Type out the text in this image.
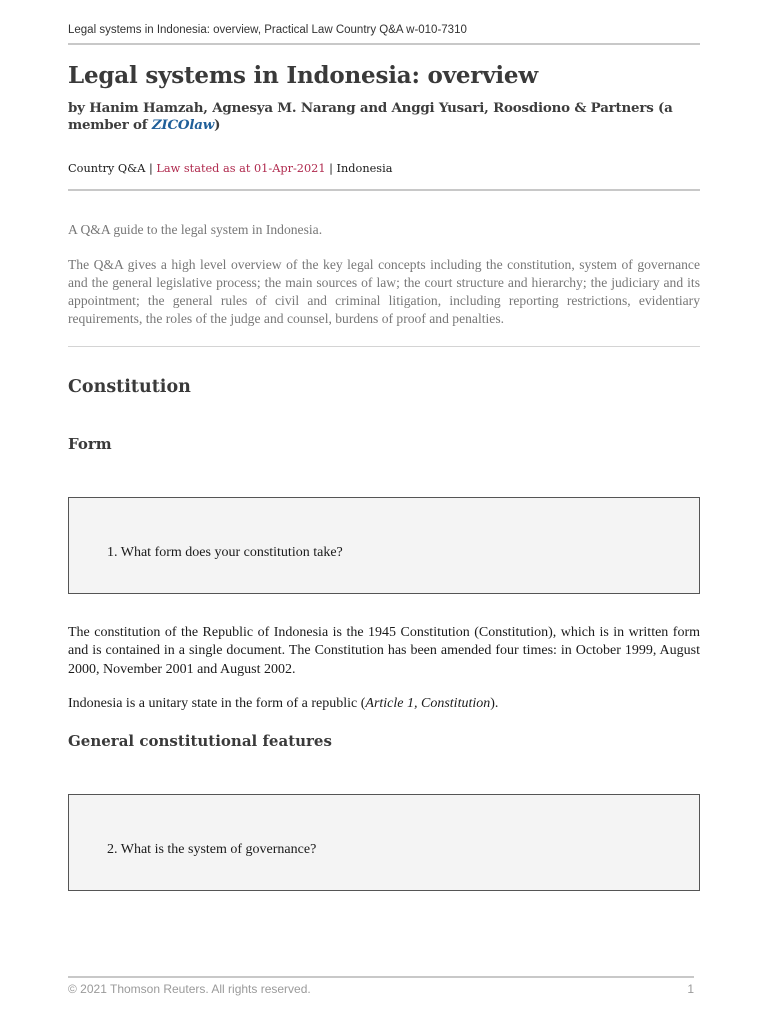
Legal systems in Indonesia: overview, Practical Law Country Q&A w-010-7310
Legal systems in Indonesia: overview

by Hanim Hamzah, Agnesya M. Narang and Anggi Yusari, Roosdiono & Partners (a member of ZICOlaw)

Country Q&A | Law stated as at 01-Apr-2021 | Indonesia

A Q&A guide to the legal system in Indonesia.

The Q&A gives a high level overview of the key legal concepts including the constitution, system of governance and the general legislative process; the main sources of law; the court structure and hierarchy; the judiciary and its appointment; the general rules of civil and criminal litigation, including reporting restrictions, evidentiary requirements, the roles of the judge and counsel, burdens of proof and penalties.

Constitution
Form
1. What form does your constitution take?

The constitution of the Republic of Indonesia is the 1945 Constitution (Constitution), which is in written form and is contained in a single document. The Constitution has been amended four times: in October 1999, August 2000, November 2001 and August 2002.

Indonesia is a unitary state in the form of a republic (Article 1, Constitution).

General constitutional features
2. What is the system of governance?
© 2021 Thomson Reuters. All rights reserved.	1
